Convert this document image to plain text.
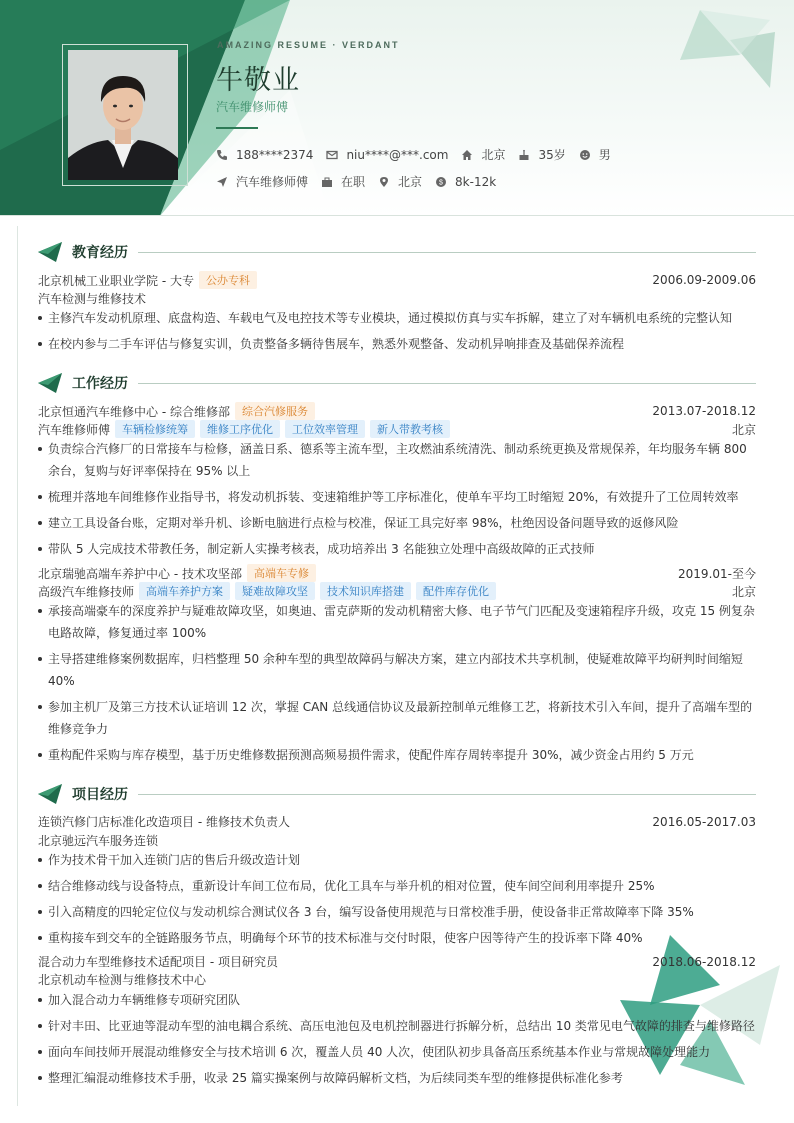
AMAZING RESUME · VERDANT
牛敬业
汽车维修师傅
188****2374	niu****@***.com	北京	35岁	男
汽车维修师傅	在职	北京 $ 8k-12k
教育经历
北京机械工业职业学院 - 大专	公办专科	2006.09-2009.06
汽车检测与维修技术
主修汽车发动机原理、底盘构造、车载电气及电控技术等专业模块，通过模拟仿真与实车拆解，建立了对车辆机电系统的完整认知
在校内参与二手车评估与修复实训，负责整备多辆待售展车，熟悉外观整备、发动机异响排查及基础保养流程
工作经历
北京恒通汽车维修中心 - 综合维修部	综合汽修服务	2013.07-2018.12
汽车维修师傅	车辆检修统筹	维修工序优化	工位效率管理	新人带教考核	北京
负责综合汽修厂的日常接车与检修，涵盖日系、德系等主流车型，主攻燃油系统清洗、制动系统更换及常规保养，年均服务车辆 800
余台，复购与好评率保持在 95% 以上
梳理并落地车间维修作业指导书，将发动机拆装、变速箱维护等工序标准化，使单车平均工时缩短 20%，有效提升了工位周转效率
建立工具设备台账，定期对举升机、诊断电脑进行点检与校准，保证工具完好率 98%，杜绝因设备问题导致的返修风险
带队 5 人完成技术带教任务，制定新人实操考核表，成功培养出 3 名能独立处理中高级故障的正式技师
北京瑞驰高端车养护中心 - 技术攻坚部	高端车专修	2019.01-至今
高级汽车维修技师	高端车养护方案	疑难故障攻坚	技术知识库搭建	配件库存优化	北京
承接高端豪车的深度养护与疑难故障攻坚，如奥迪、雷克萨斯的发动机精密大修、电子节气门匹配及变速箱程序升级，攻克 15 例复杂
电路故障，修复通过率 100%
主导搭建维修案例数据库，归档整理 50 余种车型的典型故障码与解决方案，建立内部技术共享机制，使疑难故障平均研判时间缩短
40%
参加主机厂及第三方技术认证培训 12 次，掌握 CAN 总线通信协议及最新控制单元维修工艺，将新技术引入车间，提升了高端车型的
维修竞争力
重构配件采购与库存模型，基于历史维修数据预测高频易损件需求，使配件库存周转率提升 30%，减少资金占用约 5 万元
项目经历
连锁汽修门店标准化改造项目 - 维修技术负责人	2016.05-2017.03
北京驰远汽车服务连锁
作为技术骨干加入连锁门店的售后升级改造计划
结合维修动线与设备特点，重新设计车间工位布局，优化工具车与举升机的相对位置，使车间空间利用率提升 25%
引入高精度的四轮定位仪与发动机综合测试仪各 3 台，编写设备使用规范与日常校准手册，使设备非正常故障率下降 35%
重构接车到交车的全链路服务节点，明确每个环节的技术标准与交付时限，使客户因等待产生的投诉率下降 40%
混合动力车型维修技术适配项目 - 项目研究员	2018.06-2018.12
北京机动车检测与维修技术中心
加入混合动力车辆维修专项研究团队
针对丰田、比亚迪等混动车型的油电耦合系统、高压电池包及电机控制器进行拆解分析，总结出 10 类常见电气故障的排查与维修路径
面向车间技师开展混动维修安全与技术培训 6 次，覆盖人员 40 人次，使团队初步具备高压系统基本作业与常规故障处理能力
整理汇编混动维修技术手册，收录 25 篇实操案例与故障码解析文档，为后续同类车型的维修提供标准化参考
